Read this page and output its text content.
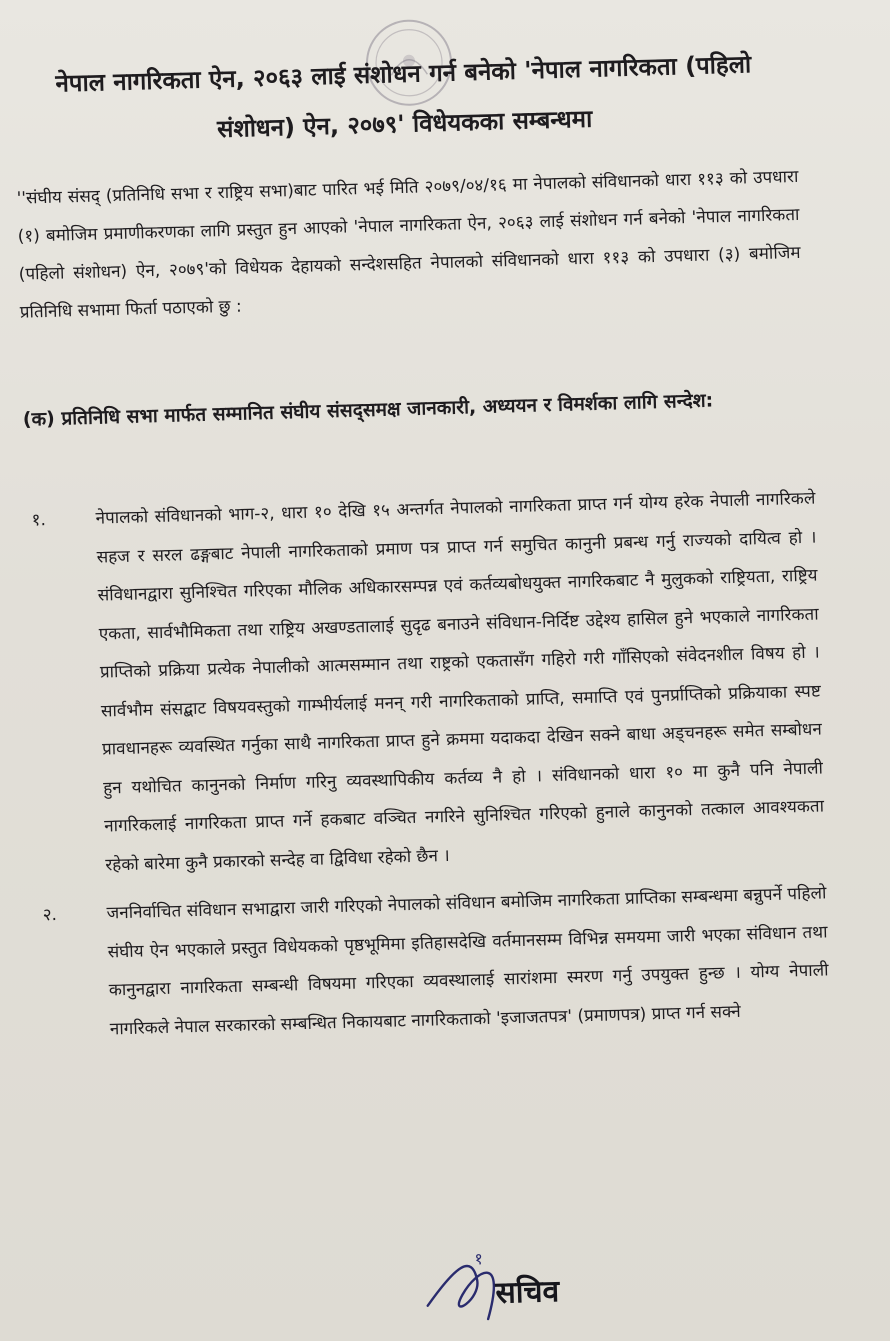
नेपाल नागरिकता ऐन, २०६३ लाई संशोधन गर्न बनेको 'नेपाल नागरिकता (पहिलो संशोधन) ऐन, २०७९' विधेयकका सम्बन्धमा

''संघीय संसद् (प्रतिनिधि सभा र राष्ट्रिय सभा)बाट पारित भई मिति २०७९/०४/१६ मा नेपालको संविधानको धारा ११३ को उपधारा (१) बमोजिम प्रमाणीकरणका लागि प्रस्तुत हुन आएको 'नेपाल नागरिकता ऐन, २०६३ लाई संशोधन गर्न बनेको 'नेपाल नागरिकता (पहिलो संशोधन) ऐन, २०७९'को विधेयक देहायको सन्देशसहित नेपालको संविधानको धारा ११३ को उपधारा (३) बमोजिम प्रतिनिधि सभामा फिर्ता पठाएको छु :

(क) प्रतिनिधि सभा मार्फत सम्मानित संघीय संसद्समक्ष जानकारी, अध्ययन र विमर्शका लागि सन्देश:
१.	नेपालको संविधानको भाग-२, धारा १० देखि १५ अन्तर्गत नेपालको नागरिकता प्राप्त गर्न योग्य हरेक नेपाली नागरिकले सहज र सरल ढङ्गबाट नेपाली नागरिकताको प्रमाण पत्र प्राप्त गर्न समुचित कानुनी प्रबन्ध गर्नु राज्यको दायित्व हो । संविधानद्वारा सुनिश्चित गरिएका मौलिक अधिकारसम्पन्न एवं कर्तव्यबोधयुक्त नागरिकबाट नै मुलुकको राष्ट्रियता, राष्ट्रिय एकता, सार्वभौमिकता तथा राष्ट्रिय अखण्डतालाई सुदृढ बनाउने संविधान-निर्दिष्ट उद्देश्य हासिल हुने भएकाले नागरिकता प्राप्तिको प्रक्रिया प्रत्येक नेपालीको आत्मसम्मान तथा राष्ट्रको एकतासँग गहिरो गरी गाँसिएको संवेदनशील विषय हो । सार्वभौम संसद्बाट विषयवस्तुको गाम्भीर्यलाई मनन् गरी नागरिकताको प्राप्ति, समाप्ति एवं पुनर्प्राप्तिको प्रक्रियाका स्पष्ट प्रावधानहरू व्यवस्थित गर्नुका साथै नागरिकता प्राप्त हुने क्रममा यदाकदा देखिन सक्ने बाधा अड्चनहरू समेत सम्बोधन हुन यथोचित कानुनको निर्माण गरिनु व्यवस्थापिकीय कर्तव्य नै हो । संविधानको धारा १० मा कुनै पनि नेपाली नागरिकलाई नागरिकता प्राप्त गर्ने हकबाट वञ्चित नगरिने सुनिश्चित गरिएको हुनाले कानुनको तत्काल आवश्यकता रहेको बारेमा कुनै प्रकारको सन्देह वा द्विविधा रहेको छैन ।
२.	जननिर्वाचित संविधान सभाद्वारा जारी गरिएको नेपालको संविधान बमोजिम नागरिकता प्राप्तिका सम्बन्धमा बन्नुपर्ने पहिलो संघीय ऐन भएकाले प्रस्तुत विधेयकको पृष्ठभूमिमा इतिहासदेखि वर्तमानसम्म विभिन्न समयमा जारी भएका संविधान तथा कानुनद्वारा नागरिकता सम्बन्धी विषयमा गरिएका व्यवस्थालाई सारांशमा स्मरण गर्नु उपयुक्त हुन्छ । योग्य नेपाली नागरिकले नेपाल सरकारको सम्बन्धित निकायबाट नागरिकताको 'इजाजतपत्र' (प्रमाणपत्र) प्राप्त गर्न सक्ने
१

सचिव
